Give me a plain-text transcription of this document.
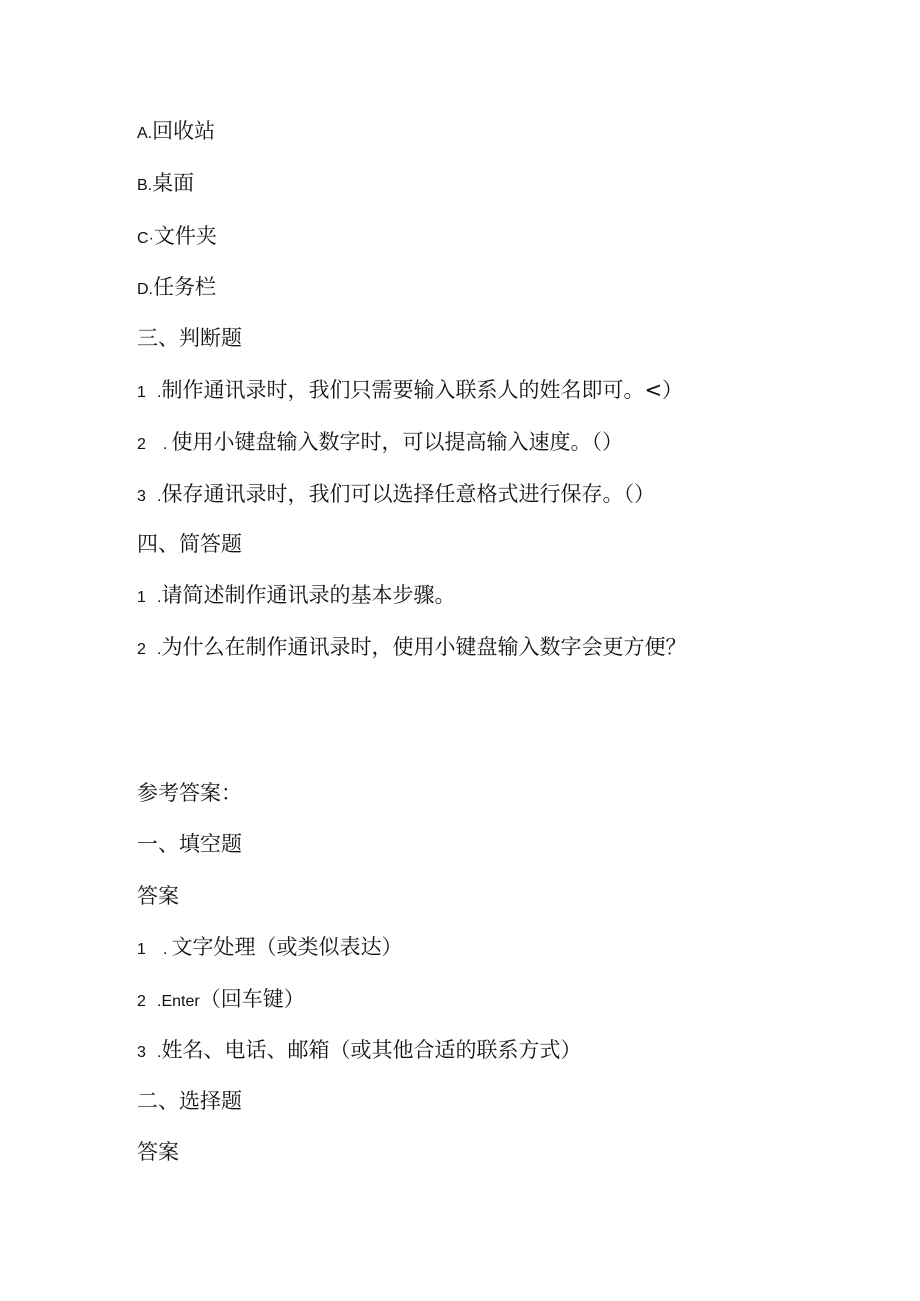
A.回收站
B.桌面
C·文件夹
D.任务栏
三、判断题
1 .制作通讯录时，我们只需要输入联系人的姓名即可。<）
2 . 使用小键盘输入数字时，可以提高输入速度。（）
3 .保存通讯录时，我们可以选择任意格式进行保存。（）
四、简答题
1 .请简述制作通讯录的基本步骤。
2 .为什么在制作通讯录时，使用小键盘输入数字会更方便？
参考答案：
一、填空题
答案
1 . 文字处理（或类似表达）
2 .Enter（回车键）
3 .姓名、电话、邮箱（或其他合适的联系方式）
二、选择题
答案
